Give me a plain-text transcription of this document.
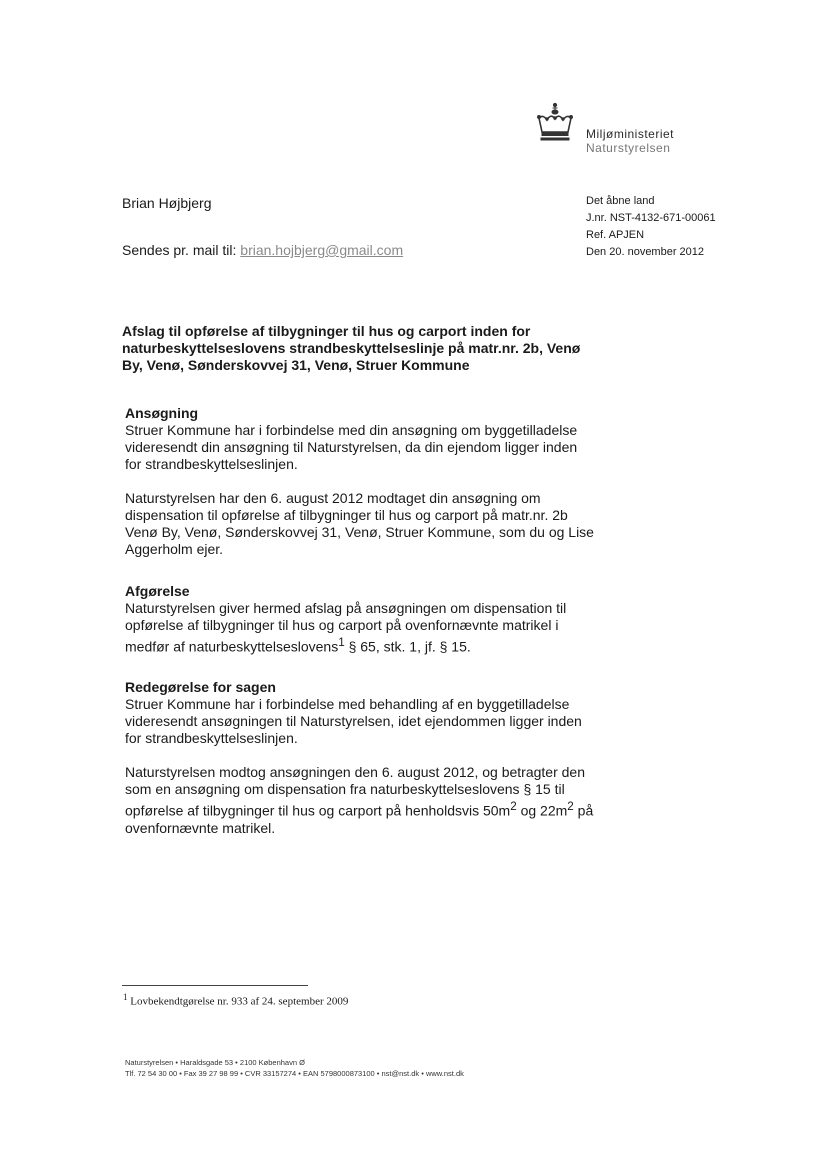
Miljøministeriet
Naturstyrelsen
Brian Højbjerg
Sendes pr. mail til: brian.hojbjerg@gmail.com
Det åbne land
J.nr. NST-4132-671-00061
Ref. APJEN
Den 20. november 2012
Afslag til opførelse af tilbygninger til hus og carport inden for naturbeskyttelseslovens strandbeskyttelseslinje på matr.nr. 2b, Venø By, Venø, Sønderskovvej 31, Venø, Struer Kommune
Ansøgning

Struer Kommune har i forbindelse med din ansøgning om byggetilladelse videresendt din ansøgning til Naturstyrelsen, da din ejendom ligger inden for strandbeskyttelseslinjen.

Naturstyrelsen har den 6. august 2012 modtaget din ansøgning om dispensation til opførelse af tilbygninger til hus og carport på matr.nr. 2b Venø By, Venø, Sønderskovvej 31, Venø, Struer Kommune, som du og Lise Aggerholm ejer.

Afgørelse

Naturstyrelsen giver hermed afslag på ansøgningen om dispensation til opførelse af tilbygninger til hus og carport på ovenfornævnte matrikel i medfør af naturbeskyttelseslovens$^1$ § 65, stk. 1, jf. § 15.

Redegørelse for sagen

Struer Kommune har i forbindelse med behandling af en byggetilladelse videresendt ansøgningen til Naturstyrelsen, idet ejendommen ligger inden for strandbeskyttelseslinjen.

Naturstyrelsen modtog ansøgningen den 6. august 2012, og betragter den som en ansøgning om dispensation fra naturbeskyttelseslovens § 15 til opførelse af tilbygninger til hus og carport på henholdsvis $50m^2$ og $22m^2$ på ovenfornævnte matrikel.

$^1$ Lovbekendtgørelse nr. 933 af 24. september 2009
Naturstyrelsen • Haraldsgade 53 • 2100 København Ø
Tlf. 72 54 30 00 • Fax 39 27 98 99 • CVR 33157274 • EAN 5798000873100 • nst@nst.dk • www.nst.dk
